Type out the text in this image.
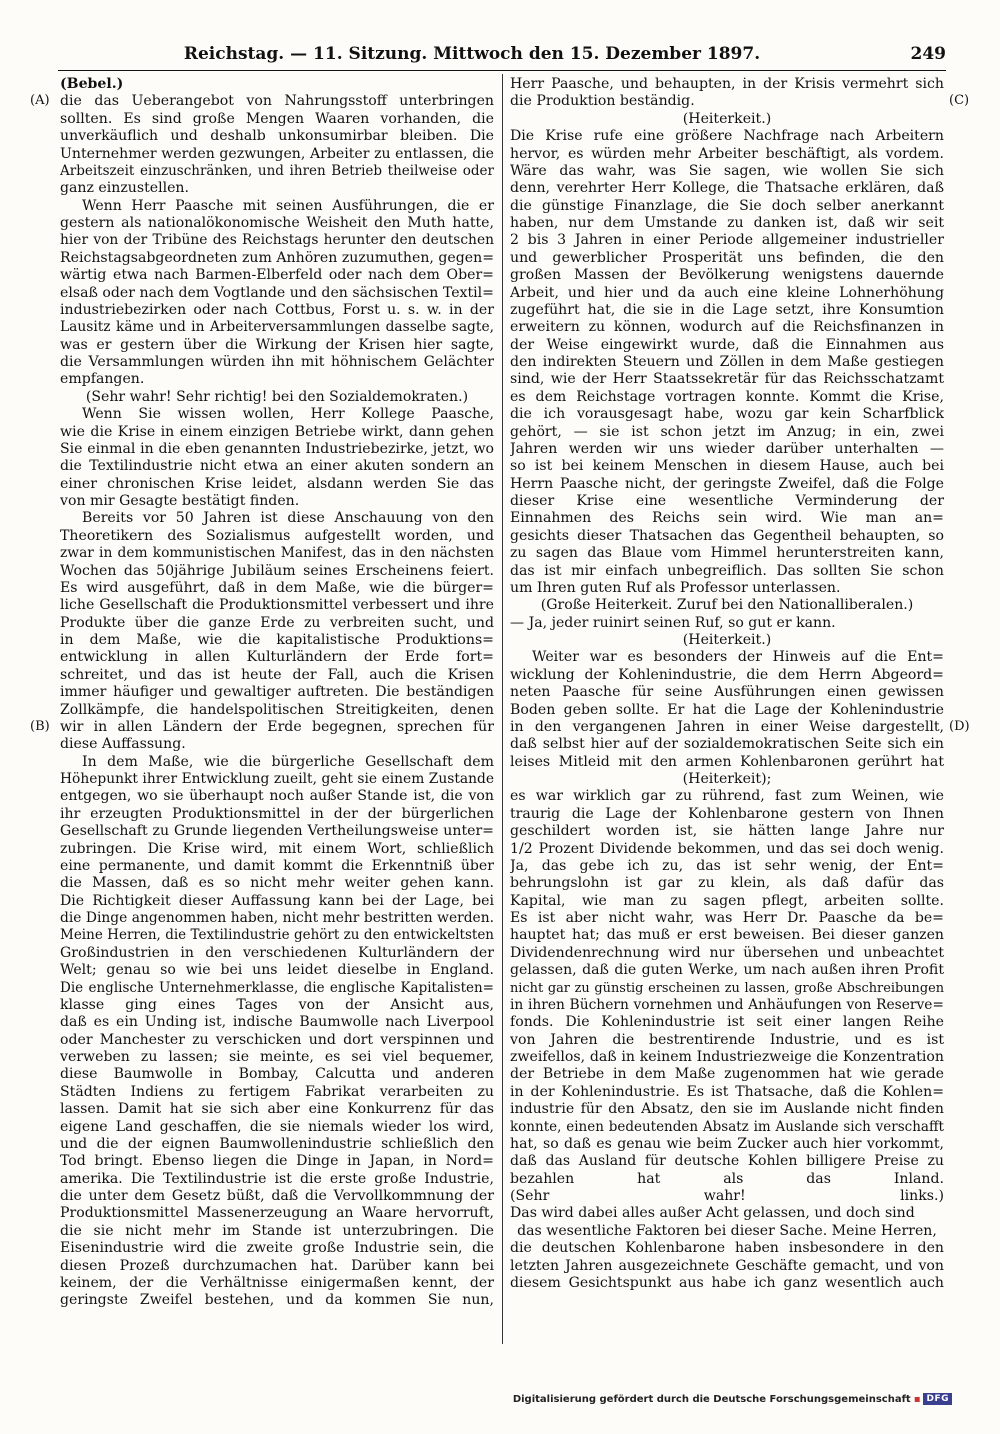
Reichstag. — 11. Sitzung. Mittwoch den 15. Dezember 1897.	249
(A)
(B)
(C)
(D)
(Bebel.)
die das Ueberangebot von Nahrungsstoff unterbringen
sollten. Es sind große Mengen Waaren vorhanden, die
unverkäuflich und deshalb unkonsumirbar bleiben. Die
Unternehmer werden gezwungen, Arbeiter zu entlassen, die
Arbeitszeit einzuschränken, und ihren Betrieb theilweise oder
ganz einzustellen.
Wenn Herr Paasche mit seinen Ausführungen, die er
gestern als nationalökonomische Weisheit den Muth hatte,
hier von der Tribüne des Reichstags herunter den deutschen
Reichstagsabgeordneten zum Anhören zuzumuthen, gegen=
wärtig etwa nach Barmen-Elberfeld oder nach dem Ober=
elsaß oder nach dem Vogtlande und den sächsischen Textil=
industriebezirken oder nach Cottbus, Forst u. s. w. in der
Lausitz käme und in Arbeiterversammlungen dasselbe sagte,
was er gestern über die Wirkung der Krisen hier sagte,
die Versammlungen würden ihn mit höhnischem Gelächter
empfangen.
(Sehr wahr! Sehr richtig! bei den Sozialdemokraten.)
Wenn Sie wissen wollen, Herr Kollege Paasche,
wie die Krise in einem einzigen Betriebe wirkt, dann gehen
Sie einmal in die eben genannten Industriebezirke, jetzt, wo
die Textilindustrie nicht etwa an einer akuten sondern an
einer chronischen Krise leidet, alsdann werden Sie das
von mir Gesagte bestätigt finden.
Bereits vor 50 Jahren ist diese Anschauung von den
Theoretikern des Sozialismus aufgestellt worden, und
zwar in dem kommunistischen Manifest, das in den nächsten
Wochen das 50jährige Jubiläum seines Erscheinens feiert.
Es wird ausgeführt, daß in dem Maße, wie die bürger=
liche Gesellschaft die Produktionsmittel verbessert und ihre
Produkte über die ganze Erde zu verbreiten sucht, und
in dem Maße, wie die kapitalistische Produktions=
entwicklung in allen Kulturländern der Erde fort=
schreitet, und das ist heute der Fall, auch die Krisen
immer häufiger und gewaltiger auftreten. Die beständigen
Zollkämpfe, die handelspolitischen Streitigkeiten, denen
wir in allen Ländern der Erde begegnen, sprechen für
diese Auffassung.
In dem Maße, wie die bürgerliche Gesellschaft dem
Höhepunkt ihrer Entwicklung zueilt, geht sie einem Zustande
entgegen, wo sie überhaupt noch außer Stande ist, die von
ihr erzeugten Produktionsmittel in der der bürgerlichen
Gesellschaft zu Grunde liegenden Vertheilungsweise unter=
zubringen. Die Krise wird, mit einem Wort, schließlich
eine permanente, und damit kommt die Erkenntniß über
die Massen, daß es so nicht mehr weiter gehen kann.
Die Richtigkeit dieser Auffassung kann bei der Lage, bei
die Dinge angenommen haben, nicht mehr bestritten werden.
Meine Herren, die Textilindustrie gehört zu den entwickeltsten
Großindustrien in den verschiedenen Kulturländern der
Welt; genau so wie bei uns leidet dieselbe in England.
Die englische Unternehmerklasse, die englische Kapitalisten=
klasse ging eines Tages von der Ansicht aus,
daß es ein Unding ist, indische Baumwolle nach Liverpool
oder Manchester zu verschicken und dort verspinnen und
verweben zu lassen; sie meinte, es sei viel bequemer,
diese Baumwolle in Bombay, Calcutta und anderen
Städten Indiens zu fertigem Fabrikat verarbeiten zu
lassen. Damit hat sie sich aber eine Konkurrenz für das
eigene Land geschaffen, die sie niemals wieder los wird,
und die der eignen Baumwollenindustrie schließlich den
Tod bringt. Ebenso liegen die Dinge in Japan, in Nord=
amerika. Die Textilindustrie ist die erste große Industrie,
die unter dem Gesetz büßt, daß die Vervollkommnung der
Produktionsmittel Massenerzeugung an Waare hervorruft,
die sie nicht mehr im Stande ist unterzubringen. Die
Eisenindustrie wird die zweite große Industrie sein, die
diesen Prozeß durchzumachen hat. Darüber kann bei
keinem, der die Verhältnisse einigermaßen kennt, der
geringste Zweifel bestehen, und da kommen Sie nun,
Herr Paasche, und behaupten, in der Krisis vermehrt sich
die Produktion beständig.
(Heiterkeit.)
Die Krise rufe eine größere Nachfrage nach Arbeitern
hervor, es würden mehr Arbeiter beschäftigt, als vordem.
Wäre das wahr, was Sie sagen, wie wollen Sie sich
denn, verehrter Herr Kollege, die Thatsache erklären, daß
die günstige Finanzlage, die Sie doch selber anerkannt
haben, nur dem Umstande zu danken ist, daß wir seit
2 bis 3 Jahren in einer Periode allgemeiner industrieller
und gewerblicher Prosperität uns befinden, die den
großen Massen der Bevölkerung wenigstens dauernde
Arbeit, und hier und da auch eine kleine Lohnerhöhung
zugeführt hat, die sie in die Lage setzt, ihre Konsumtion
erweitern zu können, wodurch auf die Reichsfinanzen in
der Weise eingewirkt wurde, daß die Einnahmen aus
den indirekten Steuern und Zöllen in dem Maße gestiegen
sind, wie der Herr Staatssekretär für das Reichsschatzamt
es dem Reichstage vortragen konnte. Kommt die Krise,
die ich vorausgesagt habe, wozu gar kein Scharfblick
gehört, — sie ist schon jetzt im Anzug; in ein, zwei
Jahren werden wir uns wieder darüber unterhalten —
so ist bei keinem Menschen in diesem Hause, auch bei
Herrn Paasche nicht, der geringste Zweifel, daß die Folge
dieser Krise eine wesentliche Verminderung der
Einnahmen des Reichs sein wird. Wie man an=
gesichts dieser Thatsachen das Gegentheil behaupten, so
zu sagen das Blaue vom Himmel herunterstreiten kann,
das ist mir einfach unbegreiflich. Das sollten Sie schon
um Ihren guten Ruf als Professor unterlassen.
(Große Heiterkeit. Zuruf bei den Nationalliberalen.)
— Ja, jeder ruinirt seinen Ruf, so gut er kann.
(Heiterkeit.)
Weiter war es besonders der Hinweis auf die Ent=
wicklung der Kohlenindustrie, die dem Herrn Abgeord=
neten Paasche für seine Ausführungen einen gewissen
Boden geben sollte. Er hat die Lage der Kohlenindustrie
in den vergangenen Jahren in einer Weise dargestellt,
daß selbst hier auf der sozialdemokratischen Seite sich ein
leises Mitleid mit den armen Kohlenbaronen gerührt hat
(Heiterkeit);
es war wirklich gar zu rührend, fast zum Weinen, wie
traurig die Lage der Kohlenbarone gestern von Ihnen
geschildert worden ist, sie hätten lange Jahre nur
1/2 Prozent Dividende bekommen, und das sei doch wenig.
Ja, das gebe ich zu, das ist sehr wenig, der Ent=
behrungslohn ist gar zu klein, als daß dafür das
Kapital, wie man zu sagen pflegt, arbeiten sollte.
Es ist aber nicht wahr, was Herr Dr. Paasche da be=
hauptet hat; das muß er erst beweisen. Bei dieser ganzen
Dividendenrechnung wird nur übersehen und unbeachtet
gelassen, daß die guten Werke, um nach außen ihren Profit
nicht gar zu günstig erscheinen zu lassen, große Abschreibungen
in ihren Büchern vornehmen und Anhäufungen von Reserve=
fonds. Die Kohlenindustrie ist seit einer langen Reihe
von Jahren die bestrentirende Industrie, und es ist
zweifellos, daß in keinem Industriezweige die Konzentration
der Betriebe in dem Maße zugenommen hat wie gerade
in der Kohlenindustrie. Es ist Thatsache, daß die Kohlen=
industrie für den Absatz, den sie im Auslande nicht finden
konnte, einen bedeutenden Absatz im Auslande sich verschafft
hat, so daß es genau wie beim Zucker auch hier vorkommt,
daß das Ausland für deutsche Kohlen billigere Preise zu
bezahlen hat als das Inland.
(Sehr wahr! links.)
Das wird dabei alles außer Acht gelassen, und doch sind
das wesentliche Faktoren bei dieser Sache. Meine Herren,
die deutschen Kohlenbarone haben insbesondere in den
letzten Jahren ausgezeichnete Geschäfte gemacht, und von
diesem Gesichtspunkt aus habe ich ganz wesentlich auch
Digitalisierung gefördert durch die Deutsche Forschungsgemeinschaft ▪ DFG
